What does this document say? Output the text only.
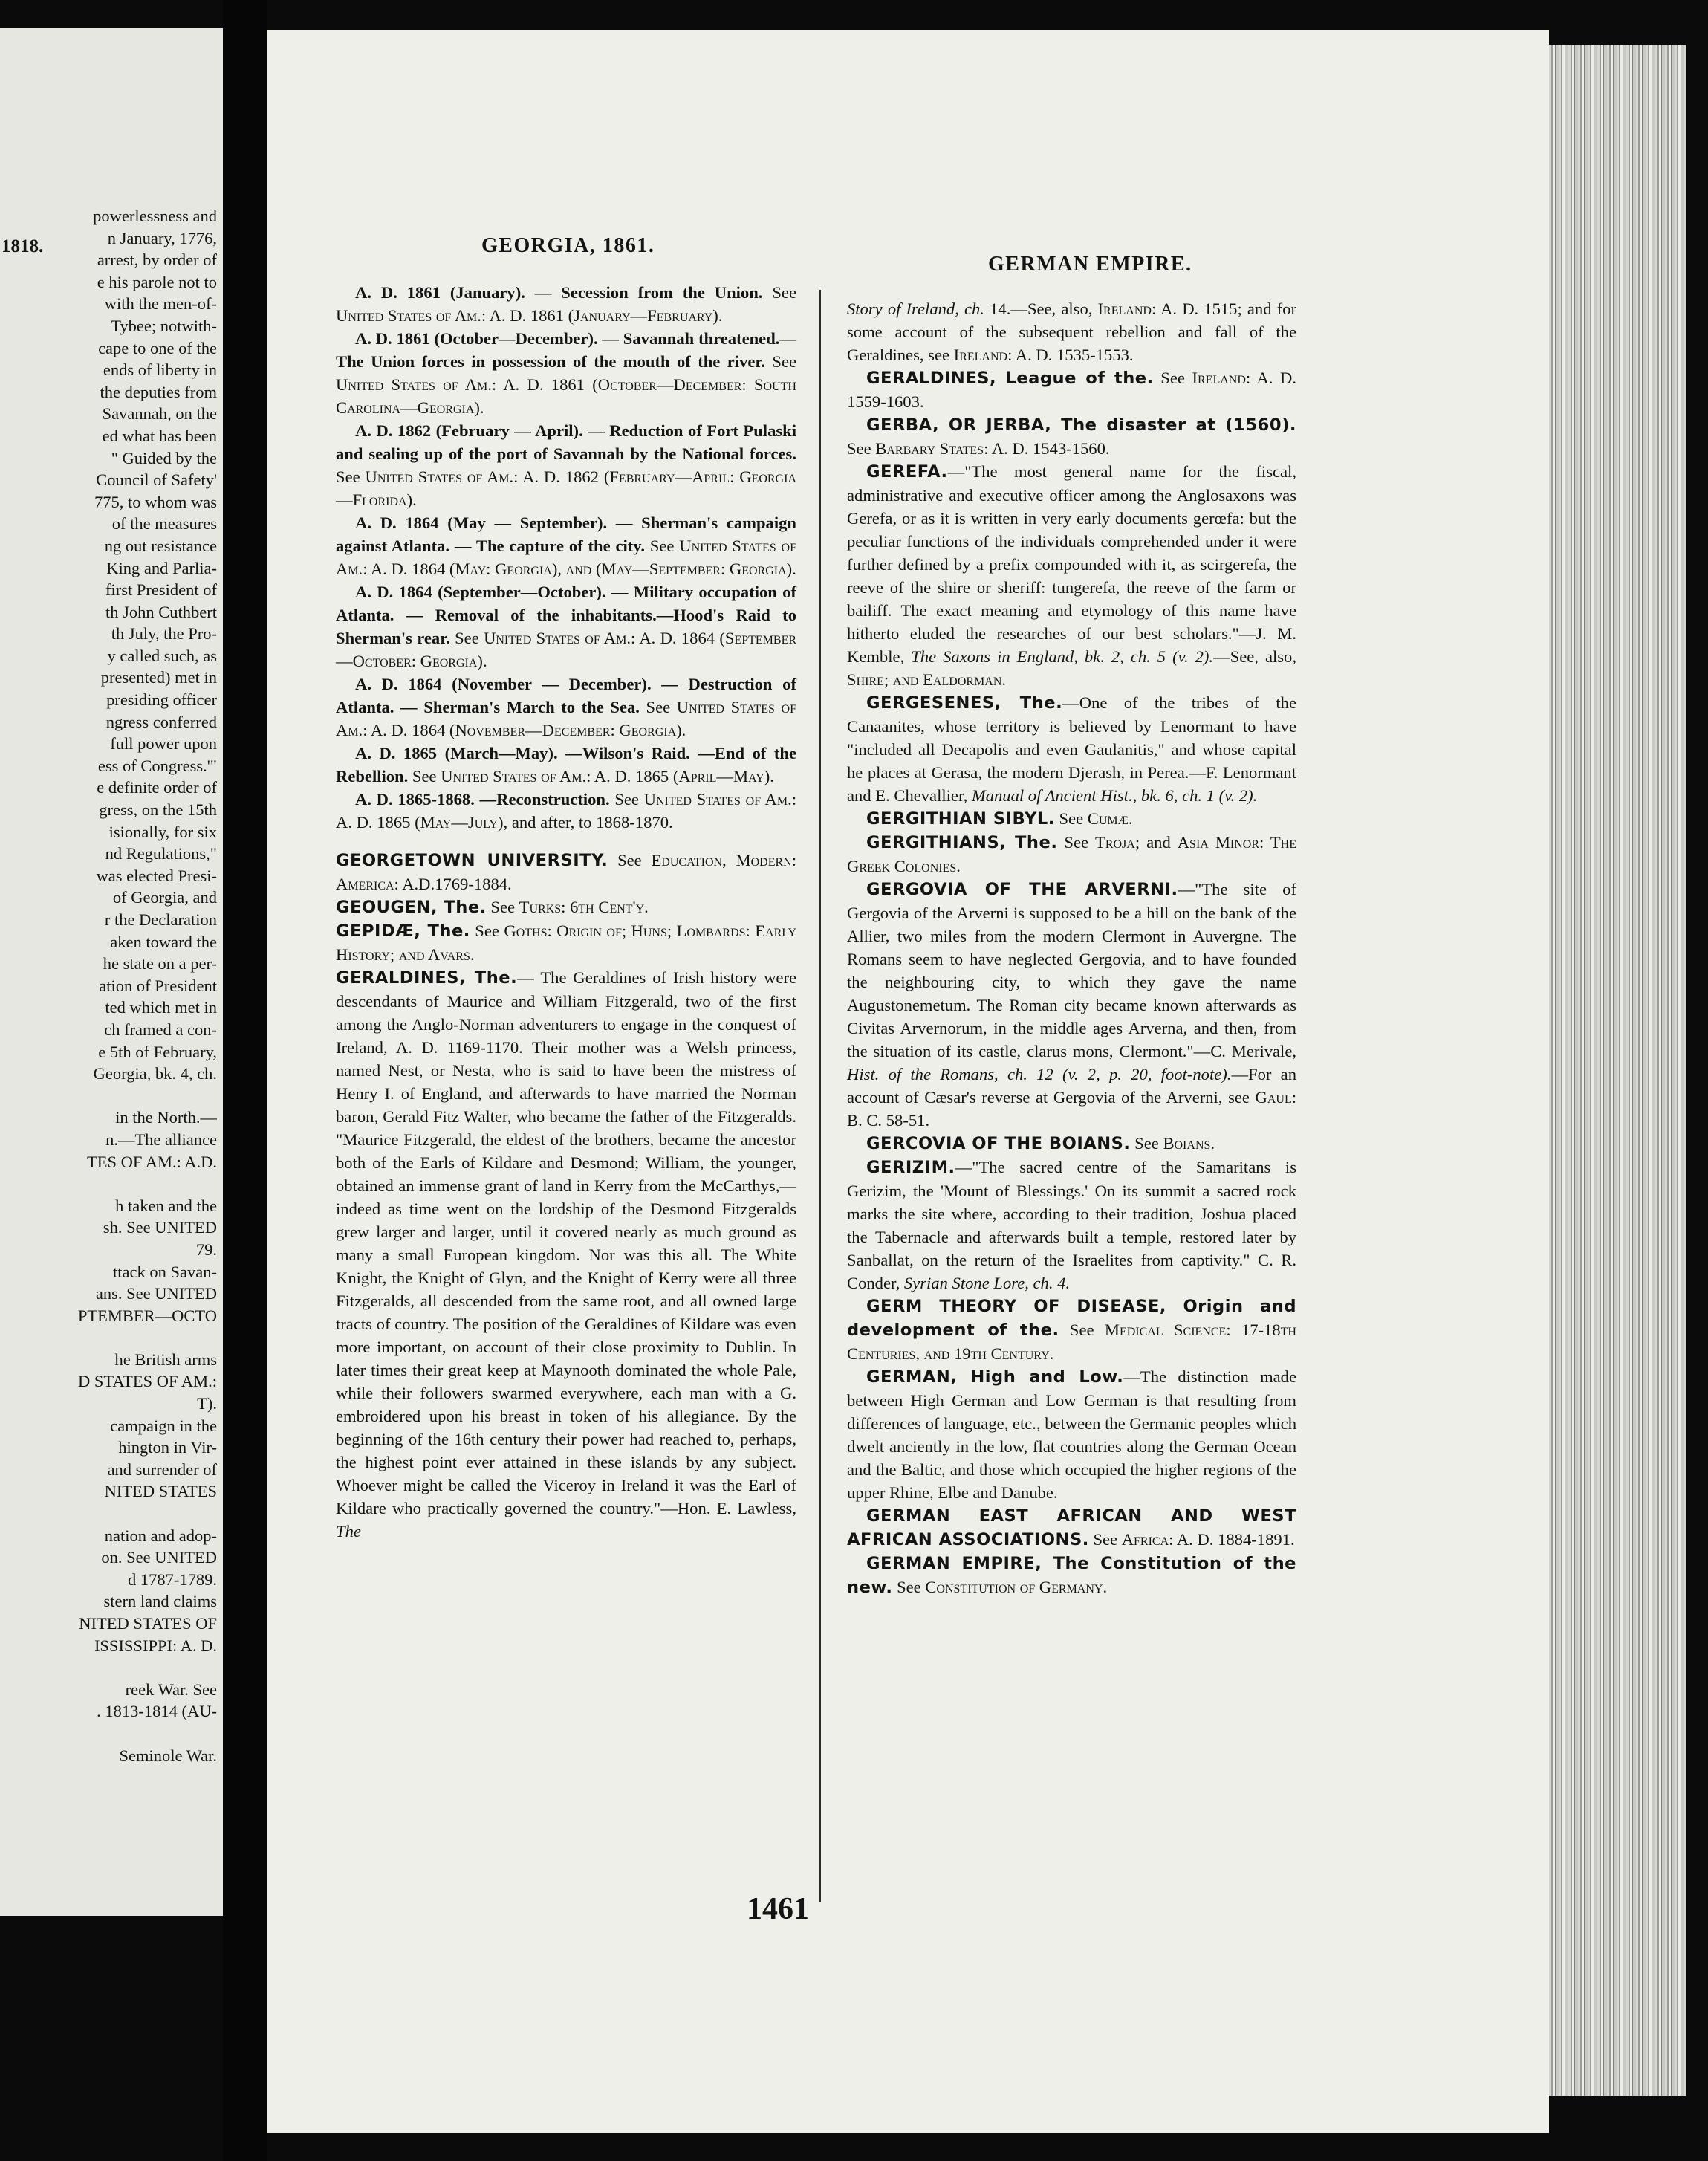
1818.
powerlessness and
n January, 1776,
arrest, by order of
e his parole not to
with the men-of-
Tybee; notwith-
cape to one of the
ends of liberty in
the deputies from
Savannah, on the
ed what has been
" Guided by the
Council of Safety'
775, to whom was
of the measures
ng out resistance
King and Parlia-
first President of
th John Cuthbert
th July, the Pro-
y called such, as
presented) met in
presiding officer
ngress conferred
full power upon
ess of Congress.'"
e definite order of
gress, on the 15th
isionally, for six
nd Regulations,"
was elected Presi-
of Georgia, and
r the Declaration
aken toward the
he state on a per-
ation of President
ted which met in
ch framed a con-
e 5th of February,
Georgia, bk. 4, ch.

in the North.—
n.—The alliance
TES OF AM.: A.D.

h taken and the
sh. See UNITED
79.
ttack on Savan-
ans. See UNITED
PTEMBER—OCTO

he British arms
D STATES OF AM.:
T).
campaign in the
hington in Vir-
and surrender of
NITED STATES

nation and adop-
on. See UNITED
d 1787-1789.
stern land claims
NITED STATES OF
ISSISSIPPI: A. D.

reek War. See
. 1813-1814 (AU-

Seminole War.
GEORGIA, 1861.
GERMAN EMPIRE.

A. D. 1861 (January). — Secession from the Union. See United States of Am.: A. D. 1861 (January—February).

A. D. 1861 (October—December). — Savannah threatened.—The Union forces in possession of the mouth of the river. See United States of Am.: A. D. 1861 (October—December: South Carolina—Georgia).

A. D. 1862 (February — April). — Reduction of Fort Pulaski and sealing up of the port of Savannah by the National forces. See United States of Am.: A. D. 1862 (February—April: Georgia—Florida).

A. D. 1864 (May — September). — Sherman's campaign against Atlanta. — The capture of the city. See United States of Am.: A. D. 1864 (May: Georgia), and (May—September: Georgia).

A. D. 1864 (September—October). — Military occupation of Atlanta. — Removal of the inhabitants.—Hood's Raid to Sherman's rear. See United States of Am.: A. D. 1864 (September—October: Georgia).

A. D. 1864 (November — December). — Destruction of Atlanta. — Sherman's March to the Sea. See United States of Am.: A. D. 1864 (November—December: Georgia).

A. D. 1865 (March—May). —Wilson's Raid. —End of the Rebellion. See United States of Am.: A. D. 1865 (April—May).

A. D. 1865-1868. —Reconstruction. See United States of Am.: A. D. 1865 (May—July), and after, to 1868-1870.

GEORGETOWN UNIVERSITY. See Education, Modern: America: A.D.1769-1884.

GEOUGEN, The. See Turks: 6th Cent'y.

GEPIDÆ, The. See Goths: Origin of; Huns; Lombards: Early History; and Avars.

GERALDINES, The.— The Geraldines of Irish history were descendants of Maurice and William Fitzgerald, two of the first among the Anglo-Norman adventurers to engage in the conquest of Ireland, A. D. 1169-1170. Their mother was a Welsh princess, named Nest, or Nesta, who is said to have been the mistress of Henry I. of England, and afterwards to have married the Norman baron, Gerald Fitz Walter, who became the father of the Fitzgeralds. "Maurice Fitzgerald, the eldest of the brothers, became the ancestor both of the Earls of Kildare and Desmond; William, the younger, obtained an immense grant of land in Kerry from the McCarthys,—indeed as time went on the lordship of the Desmond Fitzgeralds grew larger and larger, until it covered nearly as much ground as many a small European kingdom. Nor was this all. The White Knight, the Knight of Glyn, and the Knight of Kerry were all three Fitzgeralds, all descended from the same root, and all owned large tracts of country. The position of the Geraldines of Kildare was even more important, on account of their close proximity to Dublin. In later times their great keep at Maynooth dominated the whole Pale, while their followers swarmed everywhere, each man with a G. embroidered upon his breast in token of his allegiance. By the beginning of the 16th century their power had reached to, perhaps, the highest point ever attained in these islands by any subject. Whoever might be called the Viceroy in Ireland it was the Earl of Kildare who practically governed the country."—Hon. E. Lawless, The

Story of Ireland, ch. 14.—See, also, Ireland: A. D. 1515; and for some account of the subsequent rebellion and fall of the Geraldines, see Ireland: A. D. 1535-1553.

GERALDINES, League of the. See Ireland: A. D. 1559-1603.

GERBA, OR JERBA, The disaster at (1560). See Barbary States: A. D. 1543-1560.

GEREFA.—"The most general name for the fiscal, administrative and executive officer among the Anglosaxons was Gerefa, or as it is written in very early documents gerœfa: but the peculiar functions of the individuals comprehended under it were further defined by a prefix compounded with it, as scirgerefa, the reeve of the shire or sheriff: tungerefa, the reeve of the farm or bailiff. The exact meaning and etymology of this name have hitherto eluded the researches of our best scholars."—J. M. Kemble, The Saxons in England, bk. 2, ch. 5 (v. 2).—See, also, Shire; and Ealdorman.

GERGESENES, The.—One of the tribes of the Canaanites, whose territory is believed by Lenormant to have "included all Decapolis and even Gaulanitis," and whose capital he places at Gerasa, the modern Djerash, in Perea.—F. Lenormant and E. Chevallier, Manual of Ancient Hist., bk. 6, ch. 1 (v. 2).

GERGITHIAN SIBYL. See Cumæ.

GERGITHIANS, The. See Troja; and Asia Minor: The Greek Colonies.

GERGOVIA OF THE ARVERNI.—"The site of Gergovia of the Arverni is supposed to be a hill on the bank of the Allier, two miles from the modern Clermont in Auvergne. The Romans seem to have neglected Gergovia, and to have founded the neighbouring city, to which they gave the name Augustonemetum. The Roman city became known afterwards as Civitas Arvernorum, in the middle ages Arverna, and then, from the situation of its castle, clarus mons, Clermont."—C. Merivale, Hist. of the Romans, ch. 12 (v. 2, p. 20, foot-note).—For an account of Cæsar's reverse at Gergovia of the Arverni, see Gaul: B. C. 58-51.

GERCOVIA OF THE BOIANS. See Boians.

GERIZIM.—"The sacred centre of the Samaritans is Gerizim, the 'Mount of Blessings.' On its summit a sacred rock marks the site where, according to their tradition, Joshua placed the Tabernacle and afterwards built a temple, restored later by Sanballat, on the return of the Israelites from captivity." C. R. Conder, Syrian Stone Lore, ch. 4.

GERM THEORY OF DISEASE, Origin and development of the. See Medical Science: 17-18th Centuries, and 19th Century.

GERMAN, High and Low.—The distinction made between High German and Low German is that resulting from differences of language, etc., between the Germanic peoples which dwelt anciently in the low, flat countries along the German Ocean and the Baltic, and those which occupied the higher regions of the upper Rhine, Elbe and Danube.

GERMAN EAST AFRICAN AND WEST AFRICAN ASSOCIATIONS. See Africa: A. D. 1884-1891.

GERMAN EMPIRE, The Constitution of the new. See Constitution of Germany.

1461
